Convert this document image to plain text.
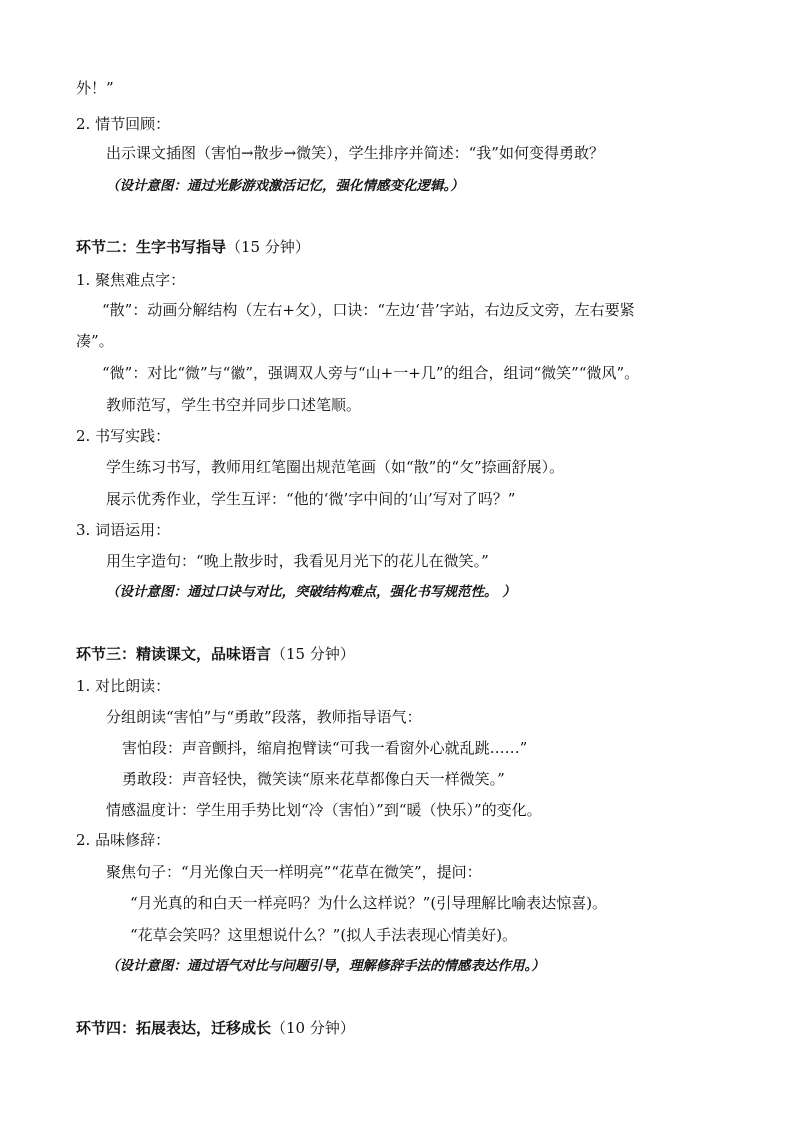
外！”
2. 情节回顾：
出示课文插图（害怕→散步→微笑），学生排序并简述：“我”如何变得勇敢？
（设计意图：通过光影游戏激活记忆，强化情感变化逻辑。）
环节二：生字书写指导（15 分钟）
1. 聚焦难点字：
“散”：动画分解结构（左右+攵），口诀：“左边‘昔’字站，右边反文旁，左右要紧
凑”。
“微”：对比“微”与“徽”，强调双人旁与“山+一+几”的组合，组词“微笑”“微风”。
教师范写，学生书空并同步口述笔顺。
2. 书写实践：
学生练习书写，教师用红笔圈出规范笔画（如“散”的“攵”捺画舒展）。
展示优秀作业，学生互评：“他的‘微’字中间的‘山’写对了吗？”
3. 词语运用：
用生字造句：“晚上散步时，我看见月光下的花儿在微笑。”
（设计意图：通过口诀与对比，突破结构难点，强化书写规范性。 ）
环节三：精读课文，品味语言（15 分钟）
1. 对比朗读：
分组朗读“害怕”与“勇敢”段落，教师指导语气：
害怕段：声音颤抖，缩肩抱臂读“可我一看窗外心就乱跳……”
勇敢段：声音轻快，微笑读“原来花草都像白天一样微笑。”
情感温度计：学生用手势比划“冷（害怕）”到“暖（快乐）”的变化。
2. 品味修辞：
聚焦句子：“月光像白天一样明亮”“花草在微笑”，提问：
“月光真的和白天一样亮吗？为什么这样说？”(引导理解比喻表达惊喜)。
“花草会笑吗？这里想说什么？”(拟人手法表现心情美好)。
（设计意图：通过语气对比与问题引导，理解修辞手法的情感表达作用。）
环节四：拓展表达，迁移成长（10 分钟）
